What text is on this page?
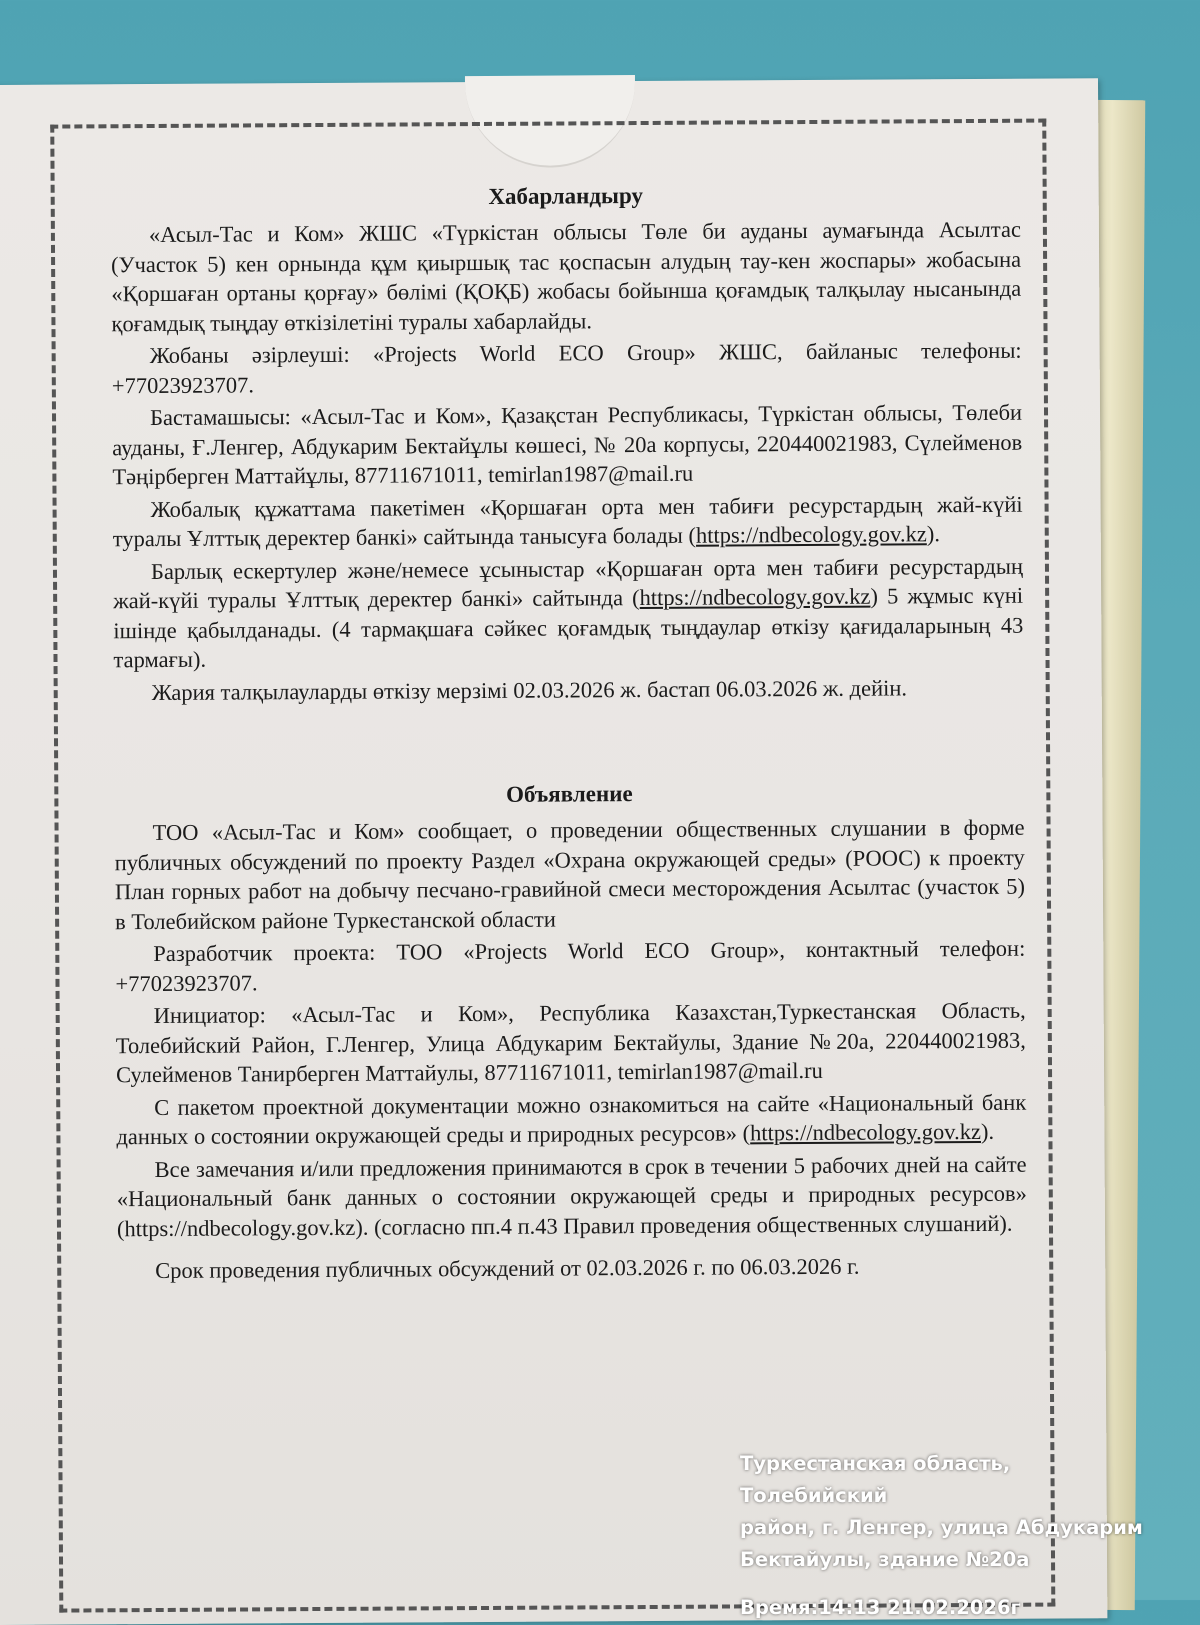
Хабарландыру

«Асыл-Тас и Ком» ЖШС «Түркістан облысы Төле би ауданы аумағында Асылтас (Участок 5) кен орнында құм қиыршық тас қоспасын алудың тау-кен жоспары» жобасына «Қоршаған ортаны қорғау» бөлімі (ҚОҚБ) жобасы бойынша қоғамдық талқылау нысанында қоғамдық тыңдау өткізілетіні туралы хабарлайды.

Жобаны әзірлеуші: «Projects World ECO Group» ЖШС, байланыс телефоны: +77023923707.

Бастамашысы: «Асыл-Тас и Ком», Қазақстан Республикасы, Түркістан облысы, Төлеби ауданы, Ғ.Ленгер, Абдукарим Бектайұлы көшесі, № 20а корпусы, 220440021983, Сүлейменов Тәңірберген Маттайұлы, 87711671011, temirlan1987@mail.ru

Жобалық құжаттама пакетімен «Қоршаған орта мен табиғи ресурстардың жай-күйі туралы Ұлттық деректер банкі» сайтында танысуға болады (https://ndbecology.gov.kz).

Барлық ескертулер және/немесе ұсыныстар «Қоршаған орта мен табиғи ресурстардың жай-күйі туралы Ұлттық деректер банкі» сайтында (https://ndbecology.gov.kz) 5 жұмыс күні ішінде қабылданады. (4 тармақшаға сәйкес қоғамдық тыңдаулар өткізу қағидаларының 43 тармағы).

Жария талқылауларды өткізу мерзімі 02.03.2026 ж. бастап 06.03.2026 ж. дейін.

Объявление

ТОО «Асыл-Тас и Ком» сообщает, о проведении общественных слушании в форме публичных обсуждений по проекту Раздел «Охрана окружающей среды» (РООС) к проекту План горных работ на добычу песчано-гравийной смеси месторождения Асылтас (участок 5) в Толебийском районе Туркестанской области

Разработчик проекта: ТОО «Projects World ECO Group», контактный телефон: +77023923707.

Инициатор: «Асыл-Тас и Ком», Республика Казахстан,Туркестанская Область, Толебийский Район, Г.Ленгер, Улица Абдукарим Бектайулы, Здание №20а, 220440021983, Сулейменов Танирберген Маттайулы, 87711671011, temirlan1987@mail.ru

С пакетом проектной документации можно ознакомиться на сайте «Национальный банк данных о состоянии окружающей среды и природных ресурсов» (https://ndbecology.gov.kz).

Все замечания и/или предложения принимаются в срок в течении 5 рабочих дней на сайте «Национальный банк данных о состоянии окружающей среды и природных ресурсов» (https://ndbecology.gov.kz). (согласно пп.4 п.43 Правил проведения общественных слушаний).

Срок проведения публичных обсуждений от 02.03.2026 г. по 06.03.2026 г.

Туркестанская область, Толебийский
район, г. Ленгер, улица Абдукарим
Бектайулы, здание №20а
Время:14:13 21.02.2026г
